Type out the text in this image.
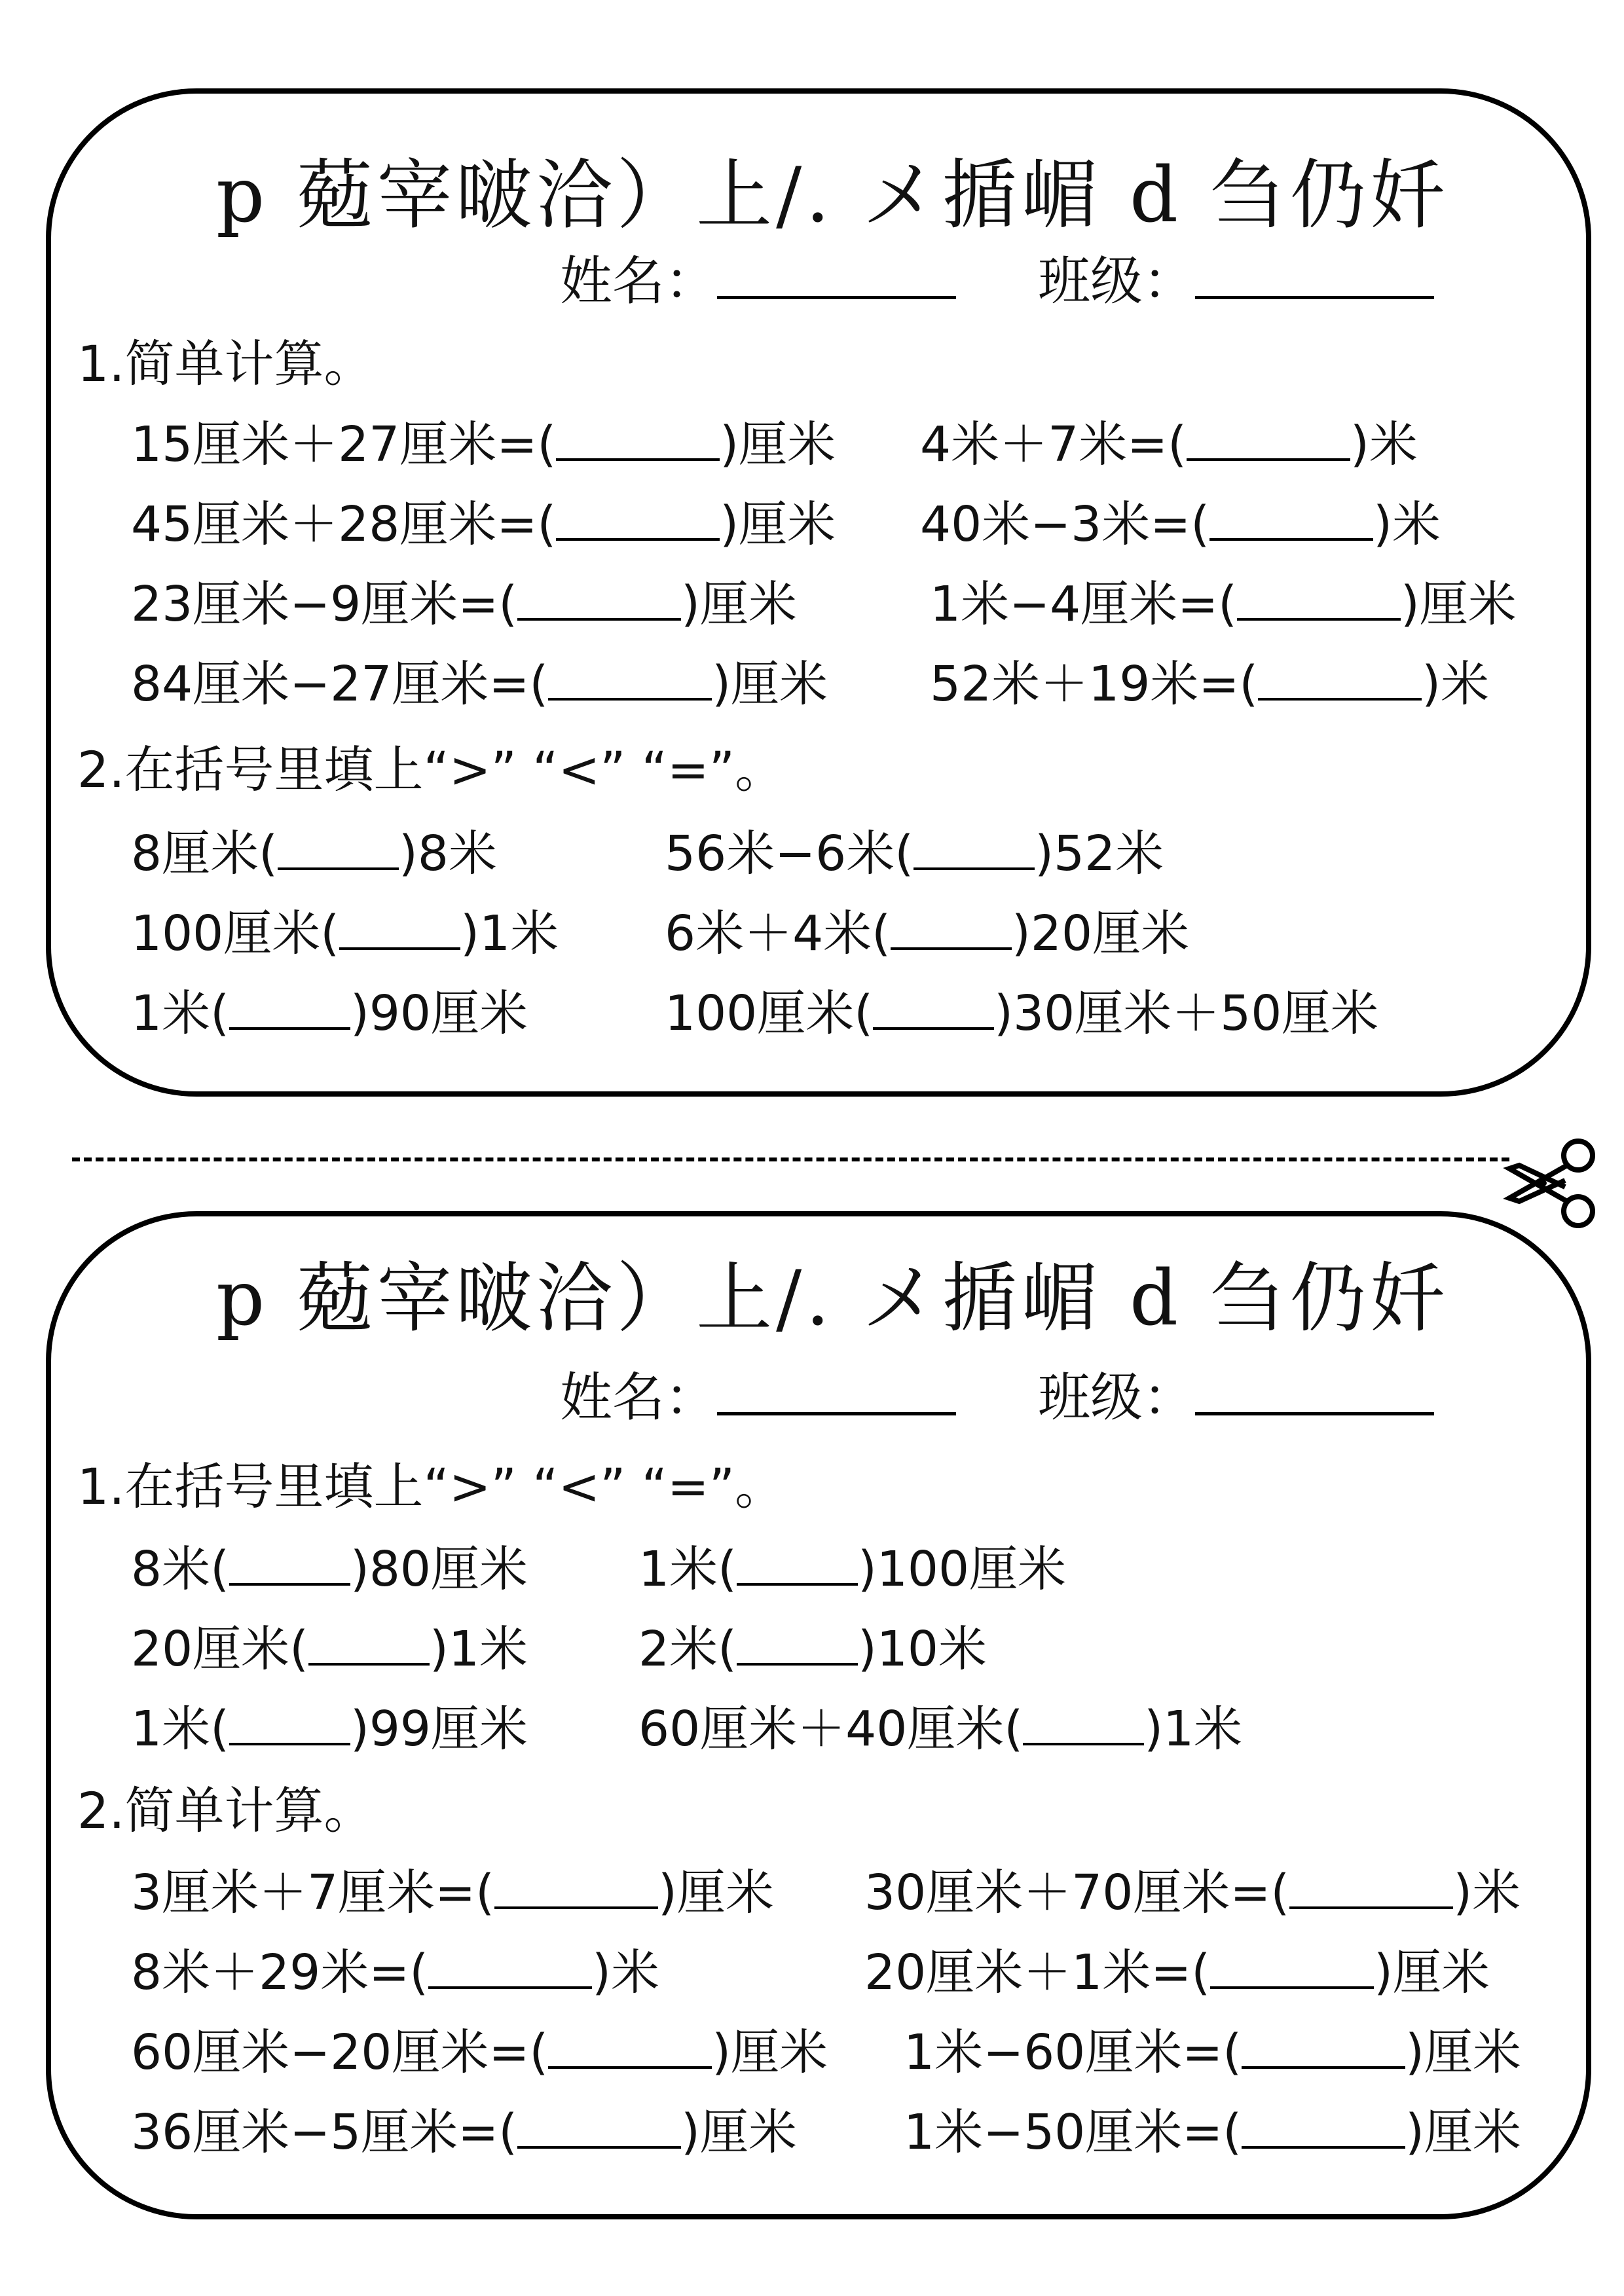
p 葂宰啵洽）上/. メ揗嵋 d 刍仍奷
姓名：	班级：
1.简单计算。
15厘米＋27厘米=(	)厘米 4米＋7米=(	)米
45厘米＋28厘米=(	)厘米 40米−3米=(	)米
23厘米−9厘米=(	)厘米	1米−4厘米=(	)厘米
84厘米−27厘米=(	)厘米 52米＋19米=(	)米
2.在括号里填上“>” “<” “=”。
8厘米(	)8米	56米−6米(	)52米
100厘米(	)1米 6米＋4米(	)20厘米
1米(	)90厘米	100厘米(	)30厘米＋50厘米
p 葂宰啵洽）上/. メ揗嵋 d 刍仍奷
姓名：	班级：
1.在括号里填上“>” “<” “=”。
8米(	)80厘米 1米(	)100厘米
20厘米(	)1米 2米(	)10米
1米(	)99厘米 60厘米＋40厘米(	)1米
2.简单计算。
3厘米＋7厘米=(	)厘米 30厘米＋70厘米=(	)米
8米＋29米=(	)米	20厘米＋1米=(	)厘米
60厘米−20厘米=(	)厘米 1米−60厘米=(	)厘米
36厘米−5厘米=(	)厘米 1米−50厘米=(	)厘米
